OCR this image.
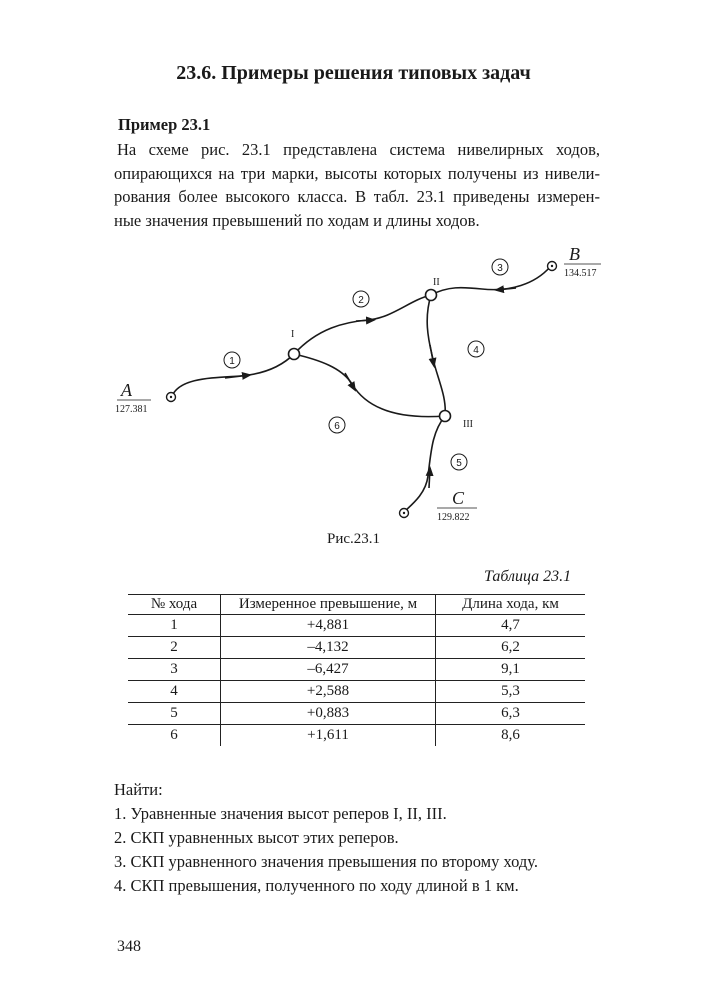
23.6. Примеры решения типовых задач
Пример 23.1
На схеме рис. 23.1 представлена система нивелирных ходов,
опирающихся на три марки, высоты которых получены из нивели-
рования более высокого класса. В табл. 23.1 приведены измерен-
ные значения превышений по ходам и длины ходов.
1
2
3
4
5
6
I
II
III
A
127.381
B
134.517
C
129.822
Рис.23.1
Таблица 23.1
№ хода	Измеренное превышение, м	Длина хода, км
1	+4,881	4,7
2	–4,132	6,2
3	–6,427	9,1
4	+2,588	5,3
5	+0,883	6,3
6	+1,611	8,6
Найти:
1. Уравненные значения высот реперов I, II, III.
2. СКП уравненных высот этих реперов.
3. СКП уравненного значения превышения по второму ходу.
4. СКП превышения, полученного по ходу длиной в 1 км.
348
